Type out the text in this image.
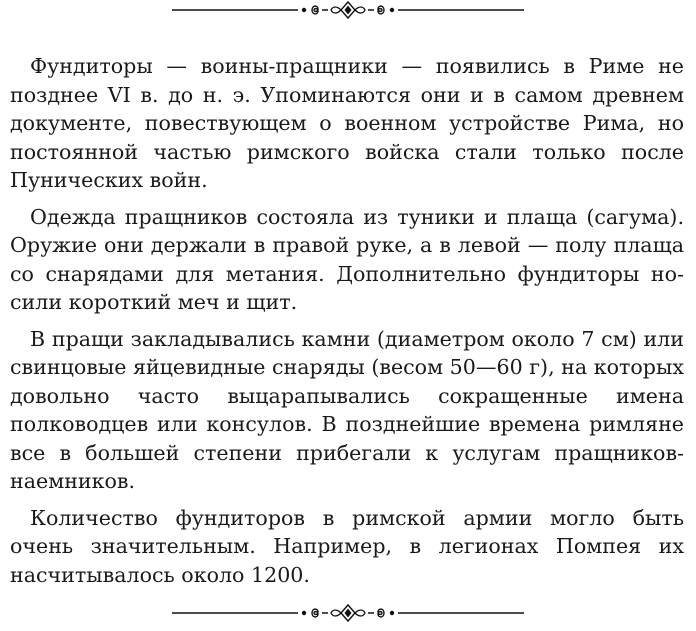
Фундиторы — воины-пращники — появились в Риме не позднее VI в. до н. э. Упоминаются они и в самом древнем документе, повествующем о военном устройстве Рима, но постоянной частью римского войска стали только после Пунических войн.

Одежда пращников состояла из туники и плаща (сагума). Оружие они держали в правой руке, а в левой — полу плаща со снарядами для метания. Дополнительно фундиторы носили короткий меч и щит.

В пращи закладывались камни (диаметром около 7 см) или свинцовые яйцевидные снаряды (весом 50—60 г), на которых довольно часто выцарапывались сокращенные имена полководцев или консулов. В позднейшие времена римляне все в большей степени прибегали к услугам пращников-наемников.

Количество фундиторов в римской армии могло быть очень значительным. Например, в легионах Помпея их насчитывалось около 1200.
